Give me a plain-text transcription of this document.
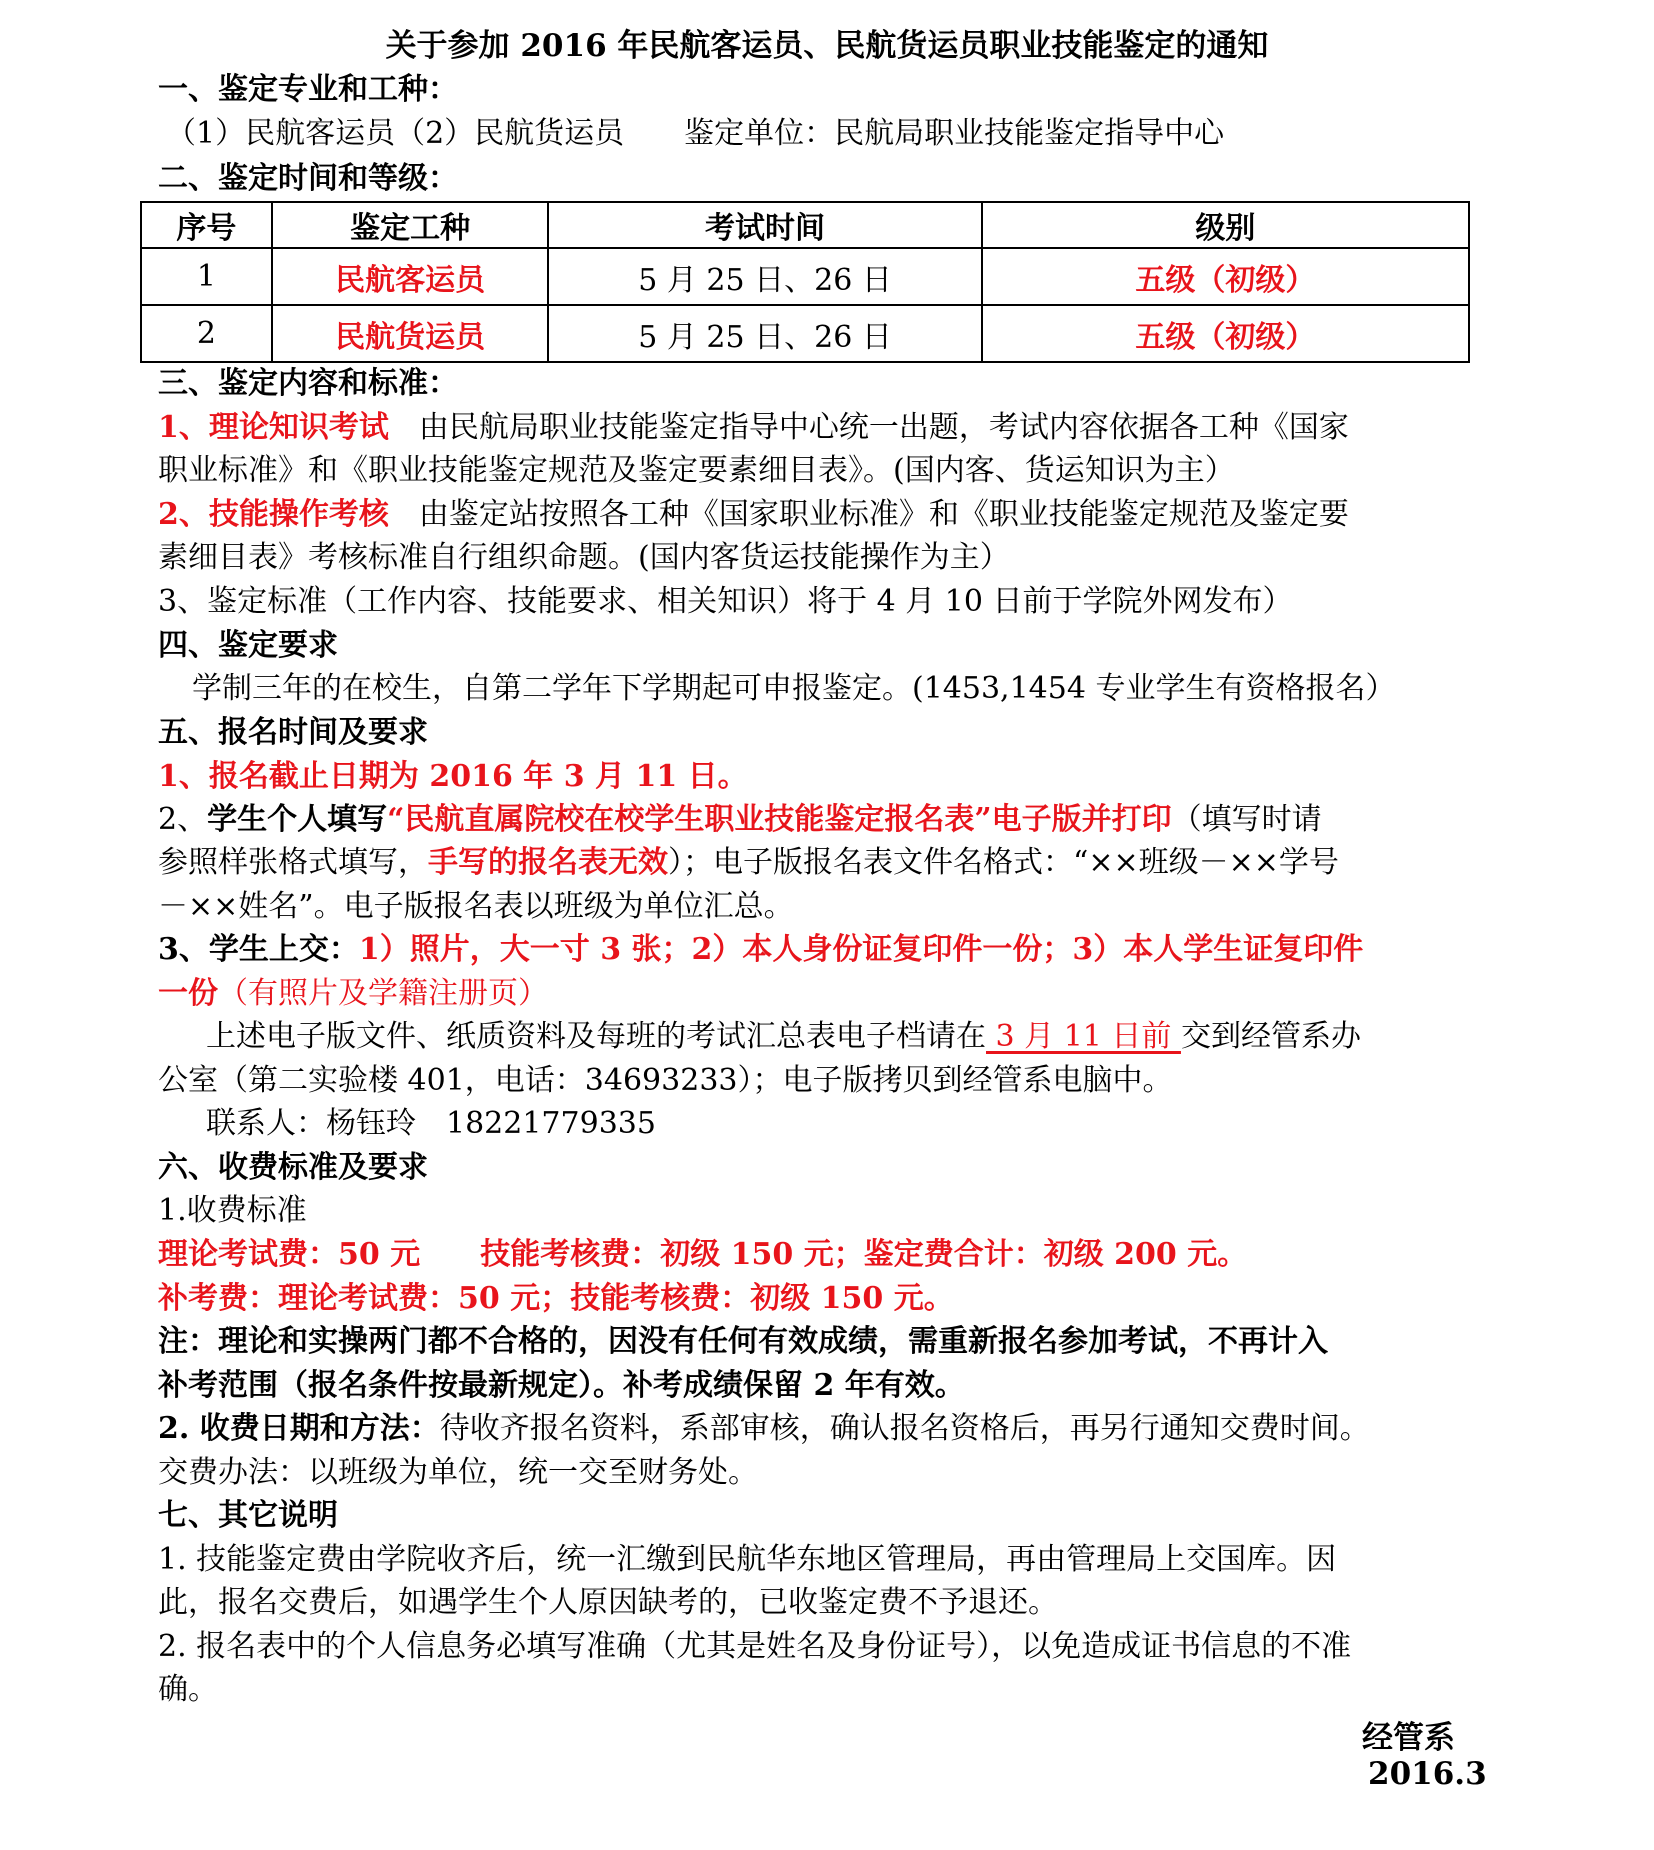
关于参加 2016 年民航客运员、民航货运员职业技能鉴定的通知
一、鉴定专业和工种：
（1）民航客运员（2）民航货运员　　鉴定单位：民航局职业技能鉴定指导中心
二、鉴定时间和等级：
序号	鉴定工种	考试时间	级别
1	民航客运员	5 月 25 日、26 日	五级（初级）
2	民航货运员	5 月 25 日、26 日	五级（初级）
三、鉴定内容和标准：
1、理论知识考试　由民航局职业技能鉴定指导中心统一出题，考试内容依据各工种《国家
职业标准》和《职业技能鉴定规范及鉴定要素细目表》。(国内客、货运知识为主）
2、技能操作考核　由鉴定站按照各工种《国家职业标准》和《职业技能鉴定规范及鉴定要
素细目表》考核标准自行组织命题。(国内客货运技能操作为主）
3、鉴定标准（工作内容、技能要求、相关知识）将于 4 月 10 日前于学院外网发布）
四、鉴定要求
学制三年的在校生，自第二学年下学期起可申报鉴定。(1453,1454 专业学生有资格报名）
五、报名时间及要求
1、报名截止日期为 2016 年 3 月 11 日。
2、学生个人填写“民航直属院校在校学生职业技能鉴定报名表”电子版并打印（填写时请
参照样张格式填写，手写的报名表无效）；电子版报名表文件名格式：“××班级－××学号
－××姓名”。电子版报名表以班级为单位汇总。
3、学生上交：1）照片，大一寸 3 张；2）本人身份证复印件一份；3）本人学生证复印件
一份（有照片及学籍注册页）
上述电子版文件、纸质资料及每班的考试汇总表电子档请在 3 月 11 日前 交到经管系办
公室（第二实验楼 401，电话：34693233）；电子版拷贝到经管系电脑中。
联系人：杨钰玲　18221779335
六、收费标准及要求
1.收费标准
理论考试费：50 元　　技能考核费：初级 150 元；鉴定费合计：初级 200 元。
补考费：理论考试费：50 元；技能考核费：初级 150 元。
注：理论和实操两门都不合格的，因没有任何有效成绩，需重新报名参加考试，不再计入
补考范围（报名条件按最新规定）。补考成绩保留 2 年有效。
2. 收费日期和方法：待收齐报名资料，系部审核，确认报名资格后，再另行通知交费时间。
交费办法：以班级为单位，统一交至财务处。
七、其它说明
1. 技能鉴定费由学院收齐后，统一汇缴到民航华东地区管理局，再由管理局上交国库。因
此，报名交费后，如遇学生个人原因缺考的，已收鉴定费不予退还。
2. 报名表中的个人信息务必填写准确（尤其是姓名及身份证号），以免造成证书信息的不准
确。
经管系
2016.3
